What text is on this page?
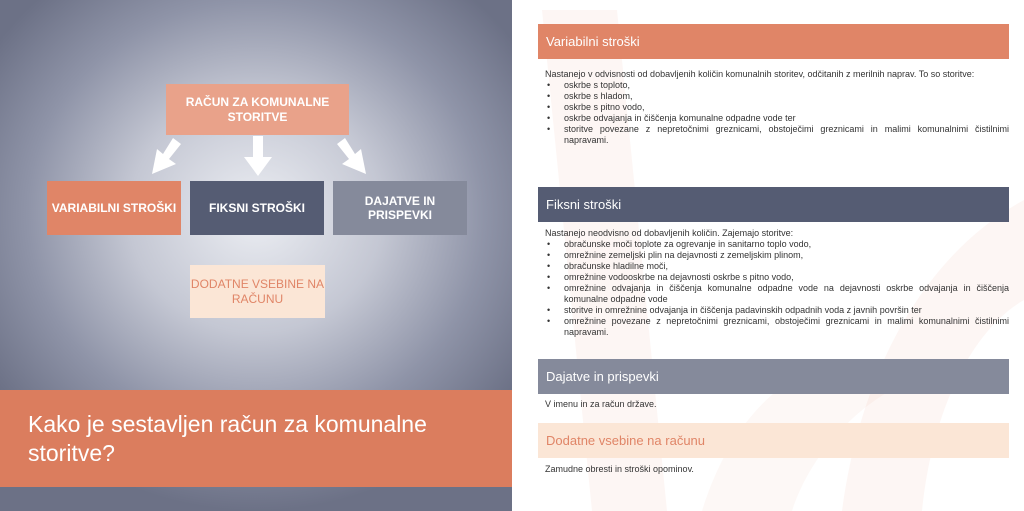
RAČUN ZA KOMUNALNE STORITVE
VARIABILNI STROŠKI	FIKSNI STROŠKI	DAJATVE IN PRISPEVKI
DODATNE VSEBINE NA RAČUNU
Kako je sestavljen račun za komunalne storitve?
Variabilni stroški

Nastanejo v odvisnosti od dobavljenih količin komunalnih storitev, odčitanih z merilnih naprav. To so storitve:

• oskrbe s toploto,
• oskrbe s hladom,
• oskrbe s pitno vodo,
• oskrbe odvajanja in čiščenja komunalne odpadne vode ter
• storitve povezane z nepretočnimi greznicami, obstoječimi greznicami in malimi komunalnimi čistilnimi napravami.
Fiksni stroški

Nastanejo neodvisno od dobavljenih količin. Zajemajo storitve:

• obračunske moči toplote za ogrevanje in sanitarno toplo vodo,
• omrežnine zemeljski plin na dejavnosti z zemeljskim plinom,
• obračunske hladilne moči,
• omrežnine vodooskrbe na dejavnosti oskrbe s pitno vodo,
• omrežnine odvajanja in čiščenja komunalne odpadne vode na dejavnosti oskrbe odvajanja in čiščenja komunalne odpadne vode
• storitve in omrežnine odvajanja in čiščenja padavinskih odpadnih voda z javnih površin ter
• omrežnine povezane z nepretočnimi greznicami, obstoječimi greznicami in malimi komunalnimi čistilnimi napravami.
Dajatve in prispevki

V imenu in za račun države.

Dodatne vsebine na računu

Zamudne obresti in stroški opominov.
